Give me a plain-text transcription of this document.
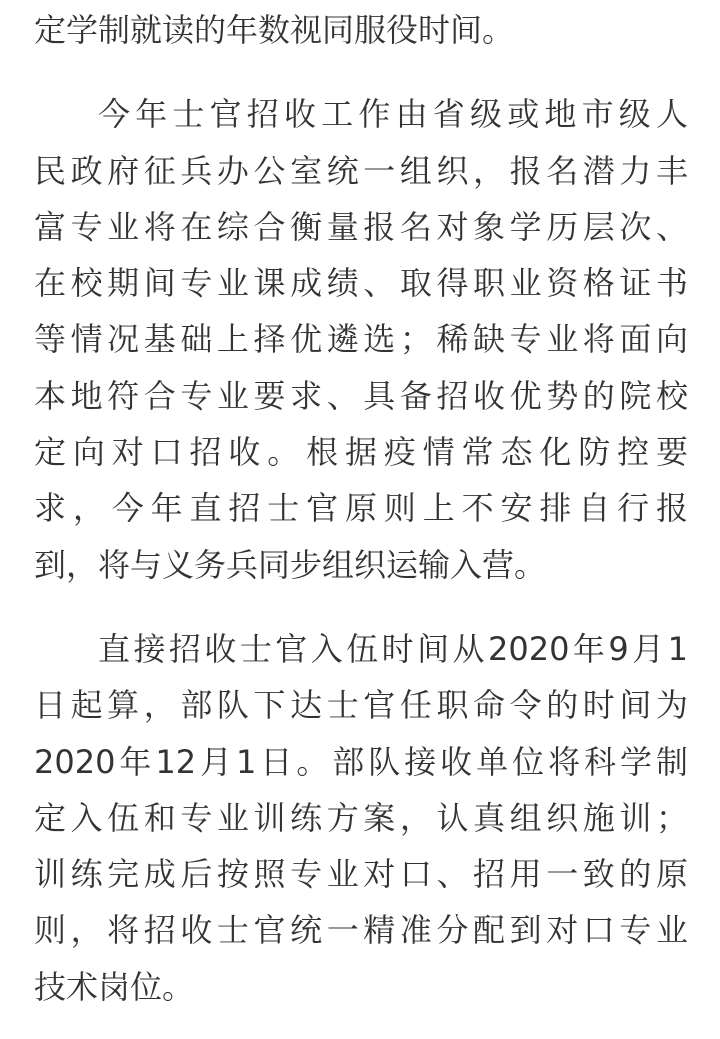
定学制就读的年数视同服役时间。
今年士官招收工作由省级或地市级人
民政府征兵办公室统一组织，报名潜力丰
富专业将在综合衡量报名对象学历层次、
在校期间专业课成绩、取得职业资格证书
等情况基础上择优遴选；稀缺专业将面向
本地符合专业要求、具备招收优势的院校
定向对口招收。根据疫情常态化防控要
求，今年直招士官原则上不安排自行报
到，将与义务兵同步组织运输入营。
直接招收士官入伍时间从2020年9月1
日起算，部队下达士官任职命令的时间为
2020年12月1日。部队接收单位将科学制
定入伍和专业训练方案，认真组织施训；
训练完成后按照专业对口、招用一致的原
则，将招收士官统一精准分配到对口专业
技术岗位。
